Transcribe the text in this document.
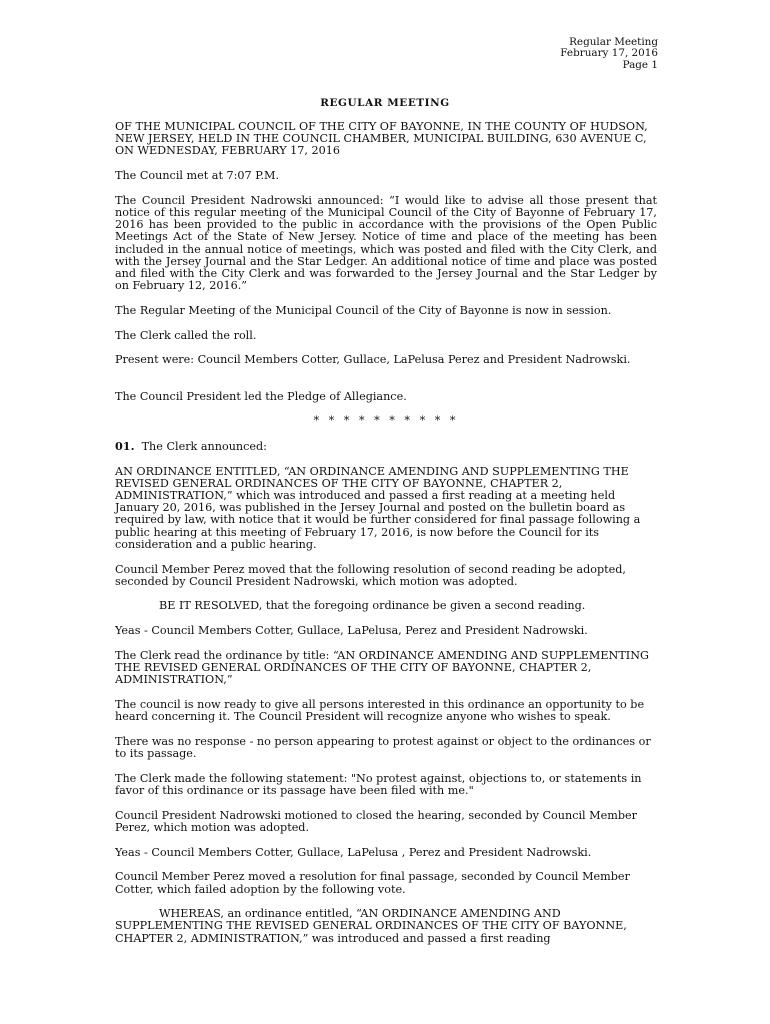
Regular Meeting
February 17, 2016
Page 1
REGULAR MEETING

OF THE MUNICIPAL COUNCIL OF THE CITY OF BAYONNE, IN THE COUNTY OF HUDSON, NEW JERSEY, HELD IN THE COUNCIL CHAMBER, MUNICIPAL BUILDING, 630 AVENUE C, ON WEDNESDAY, FEBRUARY 17, 2016

The Council met at 7:07 P.M.

The Council President Nadrowski announced: “I would like to advise all those present that notice of this regular meeting of the Municipal Council of the City of Bayonne of February 17, 2016 has been provided to the public in accordance with the provisions of the Open Public Meetings Act of the State of New Jersey. Notice of time and place of the meeting has been included in the annual notice of meetings, which was posted and filed with the City Clerk, and with the Jersey Journal and the Star Ledger. An additional notice of time and place was posted and filed with the City Clerk and was forwarded to the Jersey Journal and the Star Ledger by on February 12, 2016.”

The Regular Meeting of the Municipal Council of the City of Bayonne is now in session.

The Clerk called the roll.

Present were: Council Members Cotter, Gullace, LaPelusa Perez and President Nadrowski.

The Council President led the Pledge of Allegiance.

* * * * * * * * * *

01. The Clerk announced:

AN ORDINANCE ENTITLED, “AN ORDINANCE AMENDING AND SUPPLEMENTING THE REVISED GENERAL ORDINANCES OF THE CITY OF BAYONNE, CHAPTER 2, ADMINISTRATION,” which was introduced and passed a first reading at a meeting held January 20, 2016, was published in the Jersey Journal and posted on the bulletin board as required by law, with notice that it would be further considered for final passage following a public hearing at this meeting of February 17, 2016, is now before the Council for its consideration and a public hearing.

Council Member Perez moved that the following resolution of second reading be adopted, seconded by Council President Nadrowski, which motion was adopted.

BE IT RESOLVED, that the foregoing ordinance be given a second reading.

Yeas - Council Members Cotter, Gullace, LaPelusa, Perez and President Nadrowski.

The Clerk read the ordinance by title: “AN ORDINANCE AMENDING AND SUPPLEMENTING THE REVISED GENERAL ORDINANCES OF THE CITY OF BAYONNE, CHAPTER 2, ADMINISTRATION,”

The council is now ready to give all persons interested in this ordinance an opportunity to be heard concerning it. The Council President will recognize anyone who wishes to speak.

There was no response - no person appearing to protest against or object to the ordinances or to its passage.

The Clerk made the following statement: "No protest against, objections to, or statements in favor of this ordinance or its passage have been filed with me."

Council President Nadrowski motioned to closed the hearing, seconded by Council Member Perez, which motion was adopted.

Yeas - Council Members Cotter, Gullace, LaPelusa , Perez and President Nadrowski.

Council Member Perez moved a resolution for final passage, seconded by Council Member Cotter, which failed adoption by the following vote.

WHEREAS, an ordinance entitled, “AN ORDINANCE AMENDING AND SUPPLEMENTING THE REVISED GENERAL ORDINANCES OF THE CITY OF BAYONNE, CHAPTER 2, ADMINISTRATION,” was introduced and passed a first reading
